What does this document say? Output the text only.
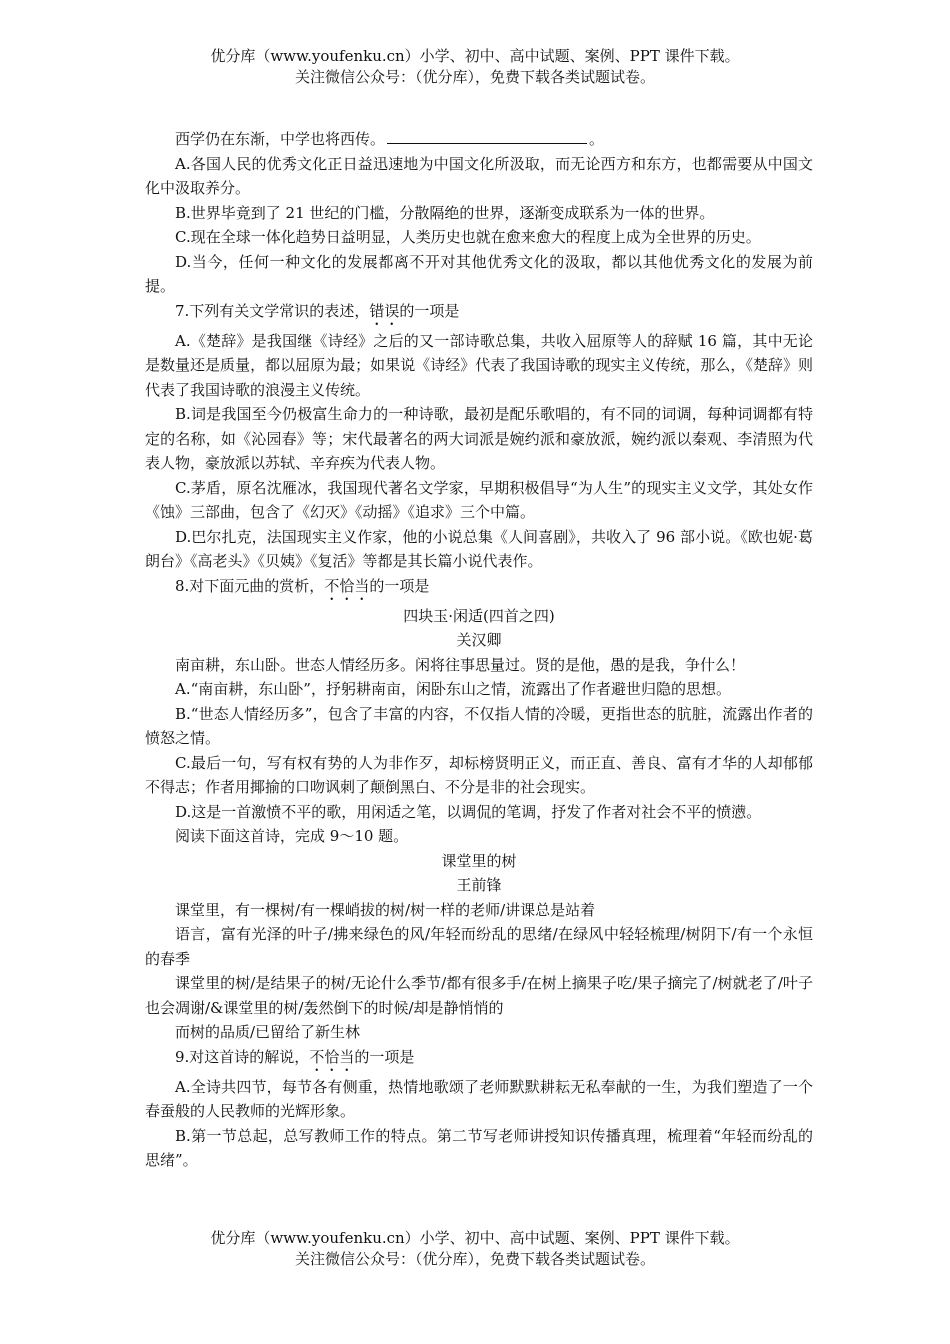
优分库（www.youfenku.cn）小学、初中、高中试题、案例、PPT 课件下载。
关注微信公众号：（优分库），免费下载各类试题试卷。

西学仍在东渐，中学也将西传。	。

A.各国人民的优秀文化正日益迅速地为中国文化所汲取，而无论西方和东方，也都需要从中国文化中汲取养分。

B.世界毕竟到了 21 世纪的门槛，分散隔绝的世界，逐渐变成联系为一体的世界。

C.现在全球一体化趋势日益明显，人类历史也就在愈来愈大的程度上成为全世界的历史。

D.当今，任何一种文化的发展都离不开对其他优秀文化的汲取，都以其他优秀文化的发展为前提。

7.下列有关文学常识的表述，错误的一项是

A.《楚辞》是我国继《诗经》之后的又一部诗歌总集，共收入屈原等人的辞赋 16 篇，其中无论是数量还是质量，都以屈原为最；如果说《诗经》代表了我国诗歌的现实主义传统，那么，《楚辞》则代表了我国诗歌的浪漫主义传统。

B.词是我国至今仍极富生命力的一种诗歌，最初是配乐歌唱的，有不同的词调，每种词调都有特定的名称，如《沁园春》等；宋代最著名的两大词派是婉约派和豪放派，婉约派以秦观、李清照为代表人物，豪放派以苏轼、辛弃疾为代表人物。

C.茅盾，原名沈雁冰，我国现代著名文学家，早期积极倡导“为人生”的现实主义文学，其处女作《蚀》三部曲，包含了《幻灭》《动摇》《追求》三个中篇。

D.巴尔扎克，法国现实主义作家，他的小说总集《人间喜剧》，共收入了 96 部小说。《欧也妮·葛朗台》《高老头》《贝姨》《复活》等都是其长篇小说代表作。

8.对下面元曲的赏析，不恰当的一项是

四块玉·闲适(四首之四)

关汉卿

南亩耕，东山卧。世态人情经历多。闲将往事思量过。贤的是他，愚的是我，争什么！

A.“南亩耕，东山卧”，抒躬耕南亩，闲卧东山之情，流露出了作者避世归隐的思想。

B.“世态人情经历多”，包含了丰富的内容，不仅指人情的冷暖，更指世态的肮脏，流露出作者的愤怒之情。

C.最后一句，写有权有势的人为非作歹，却标榜贤明正义，而正直、善良、富有才华的人却郁郁不得志；作者用揶揄的口吻讽刺了颠倒黑白、不分是非的社会现实。

D.这是一首激愤不平的歌，用闲适之笔，以调侃的笔调，抒发了作者对社会不平的愤懑。

阅读下面这首诗，完成 9～10 题。

课堂里的树

王前锋

课堂里，有一棵树/有一棵峭拔的树/树一样的老师/讲课总是站着

语言，富有光泽的叶子/拂来绿色的风/年轻而纷乱的思绪/在绿风中轻轻梳理/树阴下/有一个永恒的春季

课堂里的树/是结果子的树/无论什么季节/都有很多手/在树上摘果子吃/果子摘完了/树就老了/叶子也会凋谢/&课堂里的树/轰然倒下的时候/却是静悄悄的

而树的品质/已留给了新生林

9.对这首诗的解说，不恰当的一项是

A.全诗共四节，每节各有侧重，热情地歌颂了老师默默耕耘无私奉献的一生，为我们塑造了一个春蚕般的人民教师的光辉形象。

B.第一节总起，总写教师工作的特点。第二节写老师讲授知识传播真理，梳理着“年轻而纷乱的思绪”。

优分库（www.youfenku.cn）小学、初中、高中试题、案例、PPT 课件下载。
关注微信公众号：（优分库），免费下载各类试题试卷。
